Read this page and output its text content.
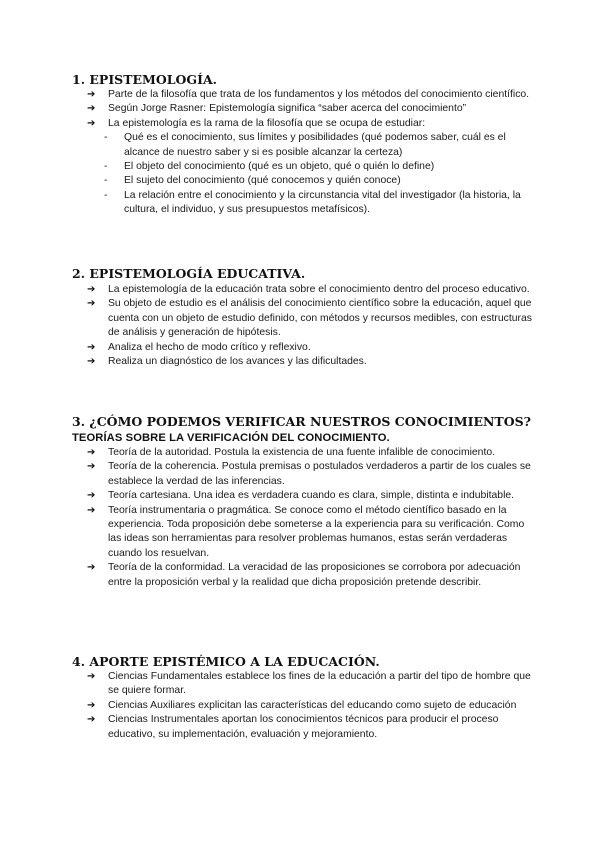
1. EPISTEMOLOGÍA.
➔ Parte de la filosofía que trata de los fundamentos y los métodos del conocimiento científico.
➔ Según Jorge Rasner: Epistemología significa “saber acerca del conocimiento”
➔ La epistemología es la rama de la filosofía que se ocupa de estudiar:
- Qué es el conocimiento, sus límites y posibilidades (qué podemos saber, cuál es el alcance de nuestro saber y si es posible alcanzar la certeza)
- El objeto del conocimiento (qué es un objeto, qué o quién lo define)
- El sujeto del conocimiento (qué conocemos y quién conoce)
- La relación entre el conocimiento y la circunstancia vital del investigador (la historia, la cultura, el individuo, y sus presupuestos metafísicos).
2. EPISTEMOLOGÍA EDUCATIVA.
➔ La epistemología de la educación trata sobre el conocimiento dentro del proceso educativo.
➔ Su objeto de estudio es el análisis del conocimiento científico sobre la educación, aquel que cuenta con un objeto de estudio definido, con métodos y recursos medibles, con estructuras de análisis y generación de hipótesis.
➔ Analiza el hecho de modo crítico y reflexivo.
➔ Realiza un diagnóstico de los avances y las dificultades.
3. ¿CÓMO PODEMOS VERIFICAR NUESTROS CONOCIMIENTOS?
TEORÍAS SOBRE LA VERIFICACIÓN DEL CONOCIMIENTO.
➔ Teoría de la autoridad. Postula la existencia de una fuente infalible de conocimiento.
➔ Teoría de la coherencia. Postula premisas o postulados verdaderos a partir de los cuales se establece la verdad de las inferencias.
➔ Teoría cartesiana. Una idea es verdadera cuando es clara, simple, distinta e indubitable.
➔ Teoría instrumentaria o pragmática. Se conoce como el método científico basado en la experiencia. Toda proposición debe someterse a la experiencia para su verificación. Como las ideas son herramientas para resolver problemas humanos, estas serán verdaderas cuando los resuelvan.
➔ Teoría de la conformidad. La veracidad de las proposiciones se corrobora por adecuación entre la proposición verbal y la realidad que dicha proposición pretende describir.
4. APORTE EPISTÉMICO A LA EDUCACIÓN.
➔ Ciencias Fundamentales establece los fines de la educación a partir del tipo de hombre que se quiere formar.
➔ Ciencias Auxiliares explicitan las características del educando como sujeto de educación
➔ Ciencias Instrumentales aportan los conocimientos técnicos para producir el proceso educativo, su implementación, evaluación y mejoramiento.
